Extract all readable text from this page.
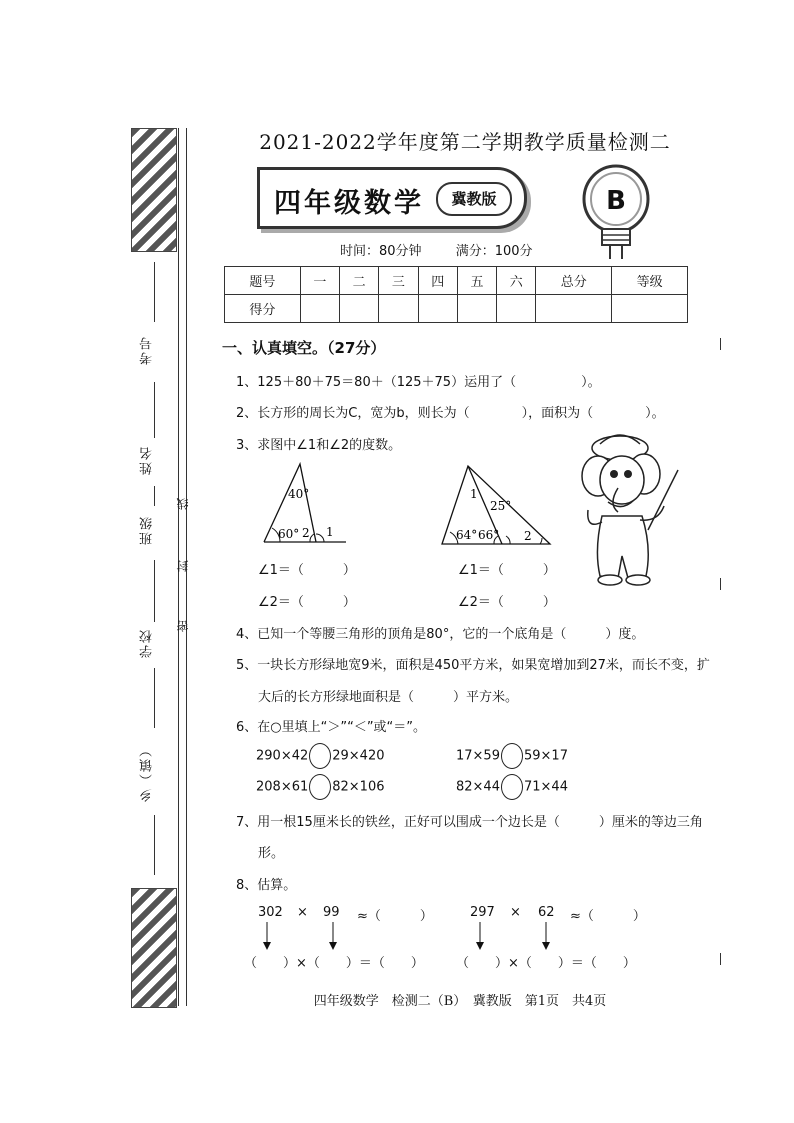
考号
姓名
班级
学校
乡（镇）
线
封
密
2021-2022学年度第二学期教学质量检测二
四年级数学	冀教版	B
时间：80分钟	满分：100分
题号	一	二	三	四	五	六	总分	等级
得分								
一、认真填空。（27分）
1、125＋80＋75＝80＋（125＋75）运用了（　　　　　）。
2、长方形的周长为C，宽为b，则长为（　　　　），面积为（　　　　）。
3、求图中∠1和∠2的度数。
40°
60° 2 1
1
25°
64° 66° 2
∠1＝（　　　）
∠2＝（　　　）
∠1＝（　　　）
∠2＝（　　　）
4、已知一个等腰三角形的顶角是80°，它的一个底角是（　　　）度。
5、一块长方形绿地宽9米，面积是450平方米，如果宽增加到27米，而长不变，扩
大后的长方形绿地面积是（　　　）平方米。
6、在○里填上“＞”“＜”或“＝”。
290×42 29×420	17×59 59×17
208×61 82×106	82×44 71×44
7、用一根15厘米长的铁丝，正好可以围成一个边长是（　　　）厘米的等边三角
形。
8、估算。
302 × 99 ≈（　　　）
（　　）×（　　）＝（　　）
297 × 62 ≈（　　　）
（　　）×（　　）＝（　　）
四年级数学　检测二（B）　冀教版　第1页　共4页
